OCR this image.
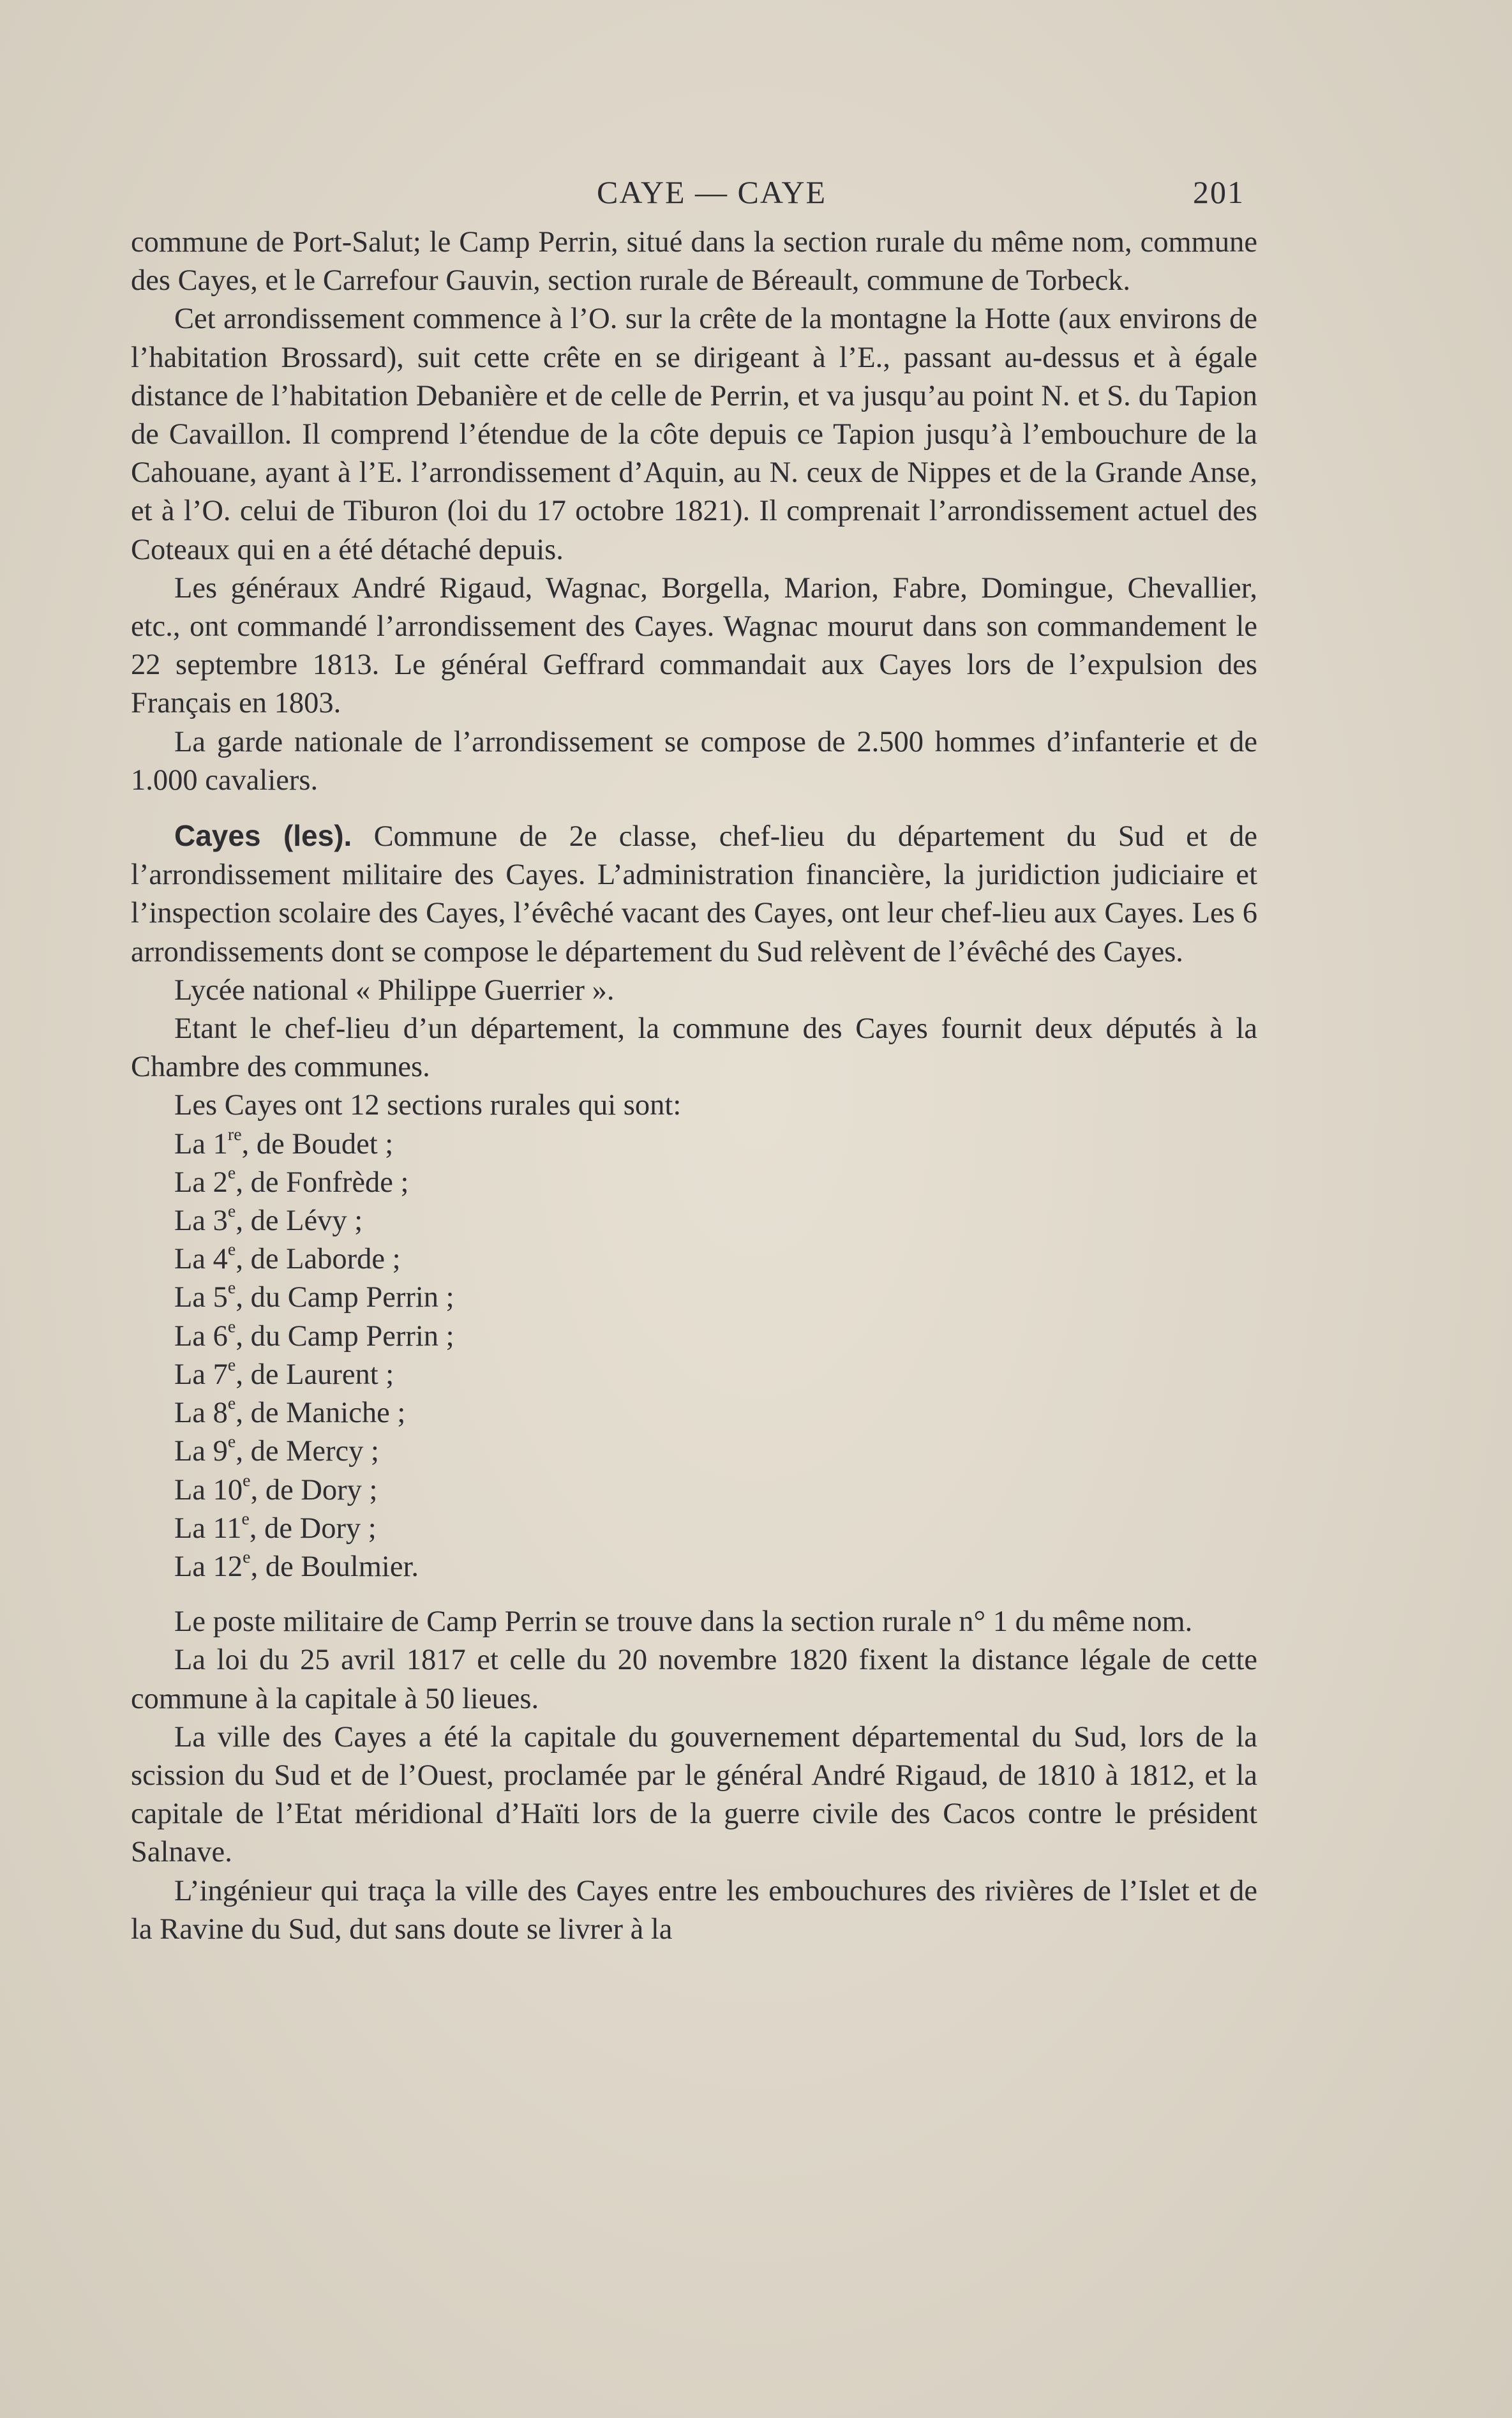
CAYE — CAYE	201

commune de Port-Salut; le Camp Perrin, situé dans la section rurale du même nom, commune des Cayes, et le Carrefour Gauvin, section rurale de Béreault, commune de Torbeck.

Cet arrondissement commence à l’O. sur la crête de la montagne la Hotte (aux environs de l’habitation Brossard), suit cette crête en se dirigeant à l’E., passant au-dessus et à égale distance de l’habitation Debanière et de celle de Perrin, et va jusqu’au point N. et S. du Tapion de Cavaillon. Il comprend l’étendue de la côte depuis ce Tapion jusqu’à l’embouchure de la Cahouane, ayant à l’E. l’arrondissement d’Aquin, au N. ceux de Nippes et de la Grande Anse, et à l’O. celui de Tiburon (loi du 17 octobre 1821). Il comprenait l’arrondissement actuel des Coteaux qui en a été détaché depuis.

Les généraux André Rigaud, Wagnac, Borgella, Marion, Fabre, Domingue, Chevallier, etc., ont commandé l’arrondissement des Cayes. Wagnac mourut dans son commandement le 22 septembre 1813. Le général Geffrard commandait aux Cayes lors de l’expulsion des Français en 1803.

La garde nationale de l’arrondissement se compose de 2.500 hommes d’infanterie et de 1.000 cavaliers.

Cayes (les). Commune de 2e classe, chef-lieu du département du Sud et de l’arrondissement militaire des Cayes. L’administration financière, la juridiction judiciaire et l’inspection scolaire des Cayes, l’évêché vacant des Cayes, ont leur chef-lieu aux Cayes. Les 6 arrondissements dont se compose le département du Sud relèvent de l’évêché des Cayes.

Lycée national « Philippe Guerrier ».

Etant le chef-lieu d’un département, la commune des Cayes fournit deux députés à la Chambre des communes.

Les Cayes ont 12 sections rurales qui sont:

La 1re, de Boudet ;
La 2e, de Fonfrède ;
La 3e, de Lévy ;
La 4e, de Laborde ;
La 5e, du Camp Perrin ;
La 6e, du Camp Perrin ;
La 7e, de Laurent ;
La 8e, de Maniche ;
La 9e, de Mercy ;
La 10e, de Dory ;
La 11e, de Dory ;
La 12e, de Boulmier.

Le poste militaire de Camp Perrin se trouve dans la section rurale n° 1 du même nom.

La loi du 25 avril 1817 et celle du 20 novembre 1820 fixent la distance légale de cette commune à la capitale à 50 lieues.

La ville des Cayes a été la capitale du gouvernement départemental du Sud, lors de la scission du Sud et de l’Ouest, proclamée par le général André Rigaud, de 1810 à 1812, et la capitale de l’Etat méridional d’Haïti lors de la guerre civile des Cacos contre le président Salnave.

L’ingénieur qui traça la ville des Cayes entre les embouchures des rivières de l’Islet et de la Ravine du Sud, dut sans doute se livrer à la
